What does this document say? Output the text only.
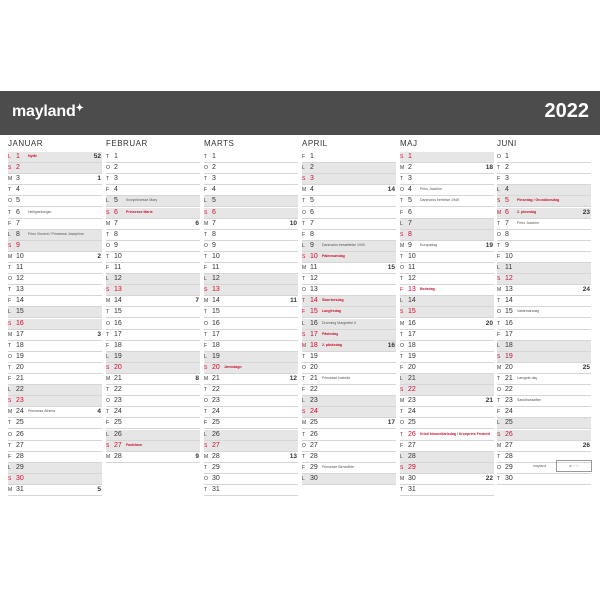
mayland✦	2022
JANUAR
L 1 Nytår	52
S 2
M 3	1
T 4
O 5
T 6 Helligtrekonger
F 7
L 8 Prins Vincent / Prinsesse Josephine
S 9
M 10	2
T 11
O 12
T 13
F 14
L 15
S 16
M 17	3
T 18
O 19
T 20
F 21
L 22
S 23
M 24 Prinsesse Athena	4
T 25
O 26
T 27
F 28
L 29
S 30
M 31	5
FEBRUAR
T 1
O 2
T 3
F 4
L 5 Kronprinsesse Mary
S 6 Prinsesse Marie
M 7	6
T 8
O 9
T 10
F 11
L 12
S 13
M 14	7
T 15
O 16
T 17
F 18
L 19
S 20
M 21	8
T 22
O 23
T 24
F 25
L 26
S 27 Fastelavn
M 28	9
MARTS
T 1
O 2
T 3
F 4
L 5
S 6
M 7	10
T 8
O 9
T 10
F 11
L 12
S 13
M 14	11
T 15
O 16
T 17
F 18
L 19
S 20 Jævndøgn
M 21	12
T 22
O 23
T 24
F 25
L 26
S 27
M 28	13
T 29
O 30
T 31
APRIL
F 1
L 2
S 3
M 4	14
T 5
O 6
T 7
F 8
L 9 Danmarks besættelse 1940
S 10 Palmesøndag
M 11	15
T 12
O 13
T 14 Skærtorsdag
F 15 Langfredag
L 16 Dronning Margrethe II
S 17 Påskedag
M 18 2. påskedag	16
T 19
O 20
T 21 Prinsesse Isabella
F 22
L 23
S 24
M 25	17
T 26
O 27
T 28
F 29 Prinsesse Benedikte
L 30
MAJ
S 1
M 2	18
T 3
O 4 Prins Joachim
T 5 Danmarks befrielse 1945
F 6
L 7
S 8
M 9 Europadag	19
T 10
O 11
T 12
F 13 Bededag
L 14
S 15
M 16	20
T 17
O 18
T 19
F 20
L 21
S 22
M 23	21
T 24
O 25
T 26 Kristi himmelfartsdag / Kronprins Frederik
F 27
L 28
S 29
M 30	22
T 31
JUNI
O 1
T 2
F 3
L 4
S 5 Pinsedag / Grundlovsdag
M 6 2. pinsedag	23
T 7 Prins Joachim
O 8
T 9
F 10
L 11
S 12
M 13	24
T 14
O 15 Valdemarsdag
T 16
F 17
L 18
S 19
M 20	25
T 21 Længste dag
O 22
T 23 Sankthansaften
F 24
L 25
S 26
M 27	26
T 28
O 29
T 30
mayland	♻ ☉ ⚐
